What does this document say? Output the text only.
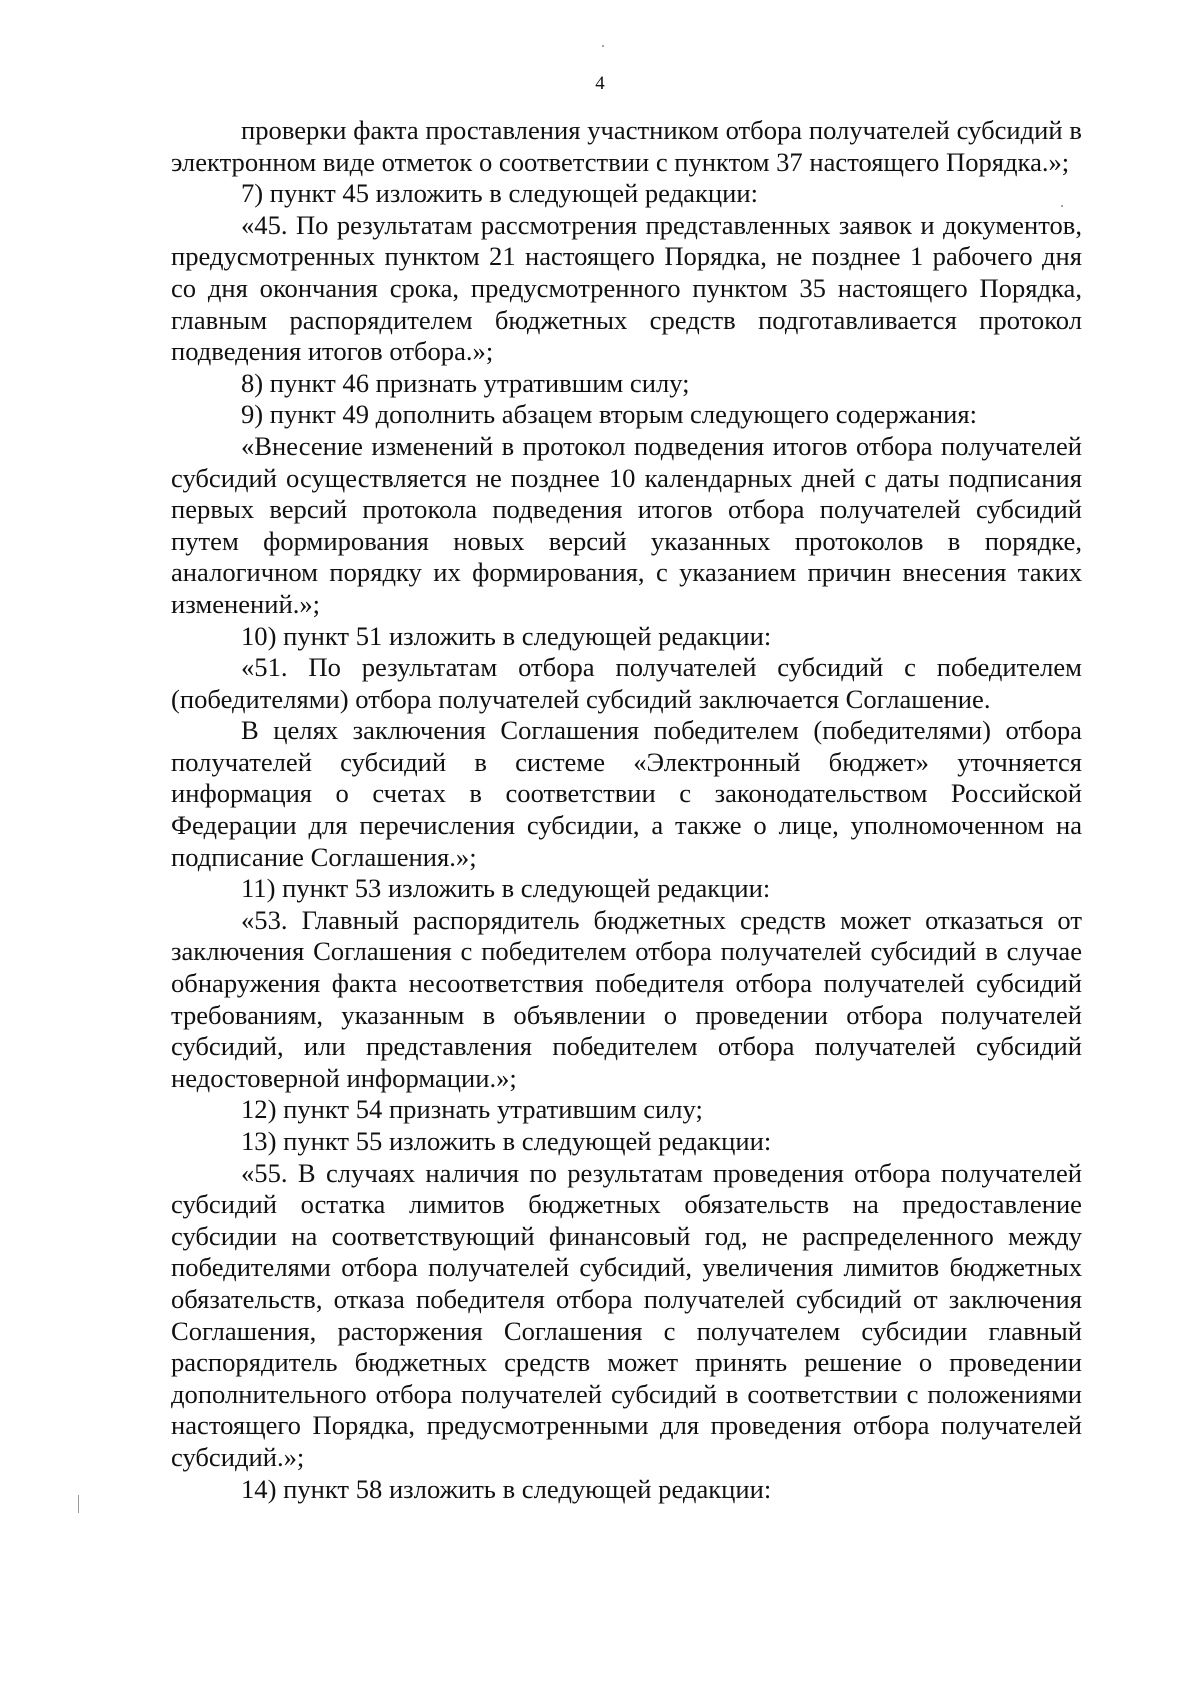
4

проверки факта проставления участником отбора получателей субсидий в электронном виде отметок о соответствии с пунктом 37 настоящего Порядка.»;

7) пункт 45 изложить в следующей редакции:

«45. По результатам рассмотрения представленных заявок и документов, предусмотренных пунктом 21 настоящего Порядка, не позднее 1 рабочего дня со дня окончания срока, предусмотренного пунктом 35 настоящего Порядка, главным распорядителем бюджетных средств подготавливается протокол подведения итогов отбора.»;

8) пункт 46 признать утратившим силу;

9) пункт 49 дополнить абзацем вторым следующего содержания:

«Внесение изменений в протокол подведения итогов отбора получателей субсидий осуществляется не позднее 10 календарных дней с даты подписания первых версий протокола подведения итогов отбора получателей субсидий путем формирования новых версий указанных протоколов в порядке, аналогичном порядку их формирования, с указанием причин внесения таких изменений.»;

10) пункт 51 изложить в следующей редакции:

«51. По результатам отбора получателей субсидий с победителем (победителями) отбора получателей субсидий заключается Соглашение.

В целях заключения Соглашения победителем (победителями) отбора получателей субсидий в системе «Электронный бюджет» уточняется информация о счетах в соответствии с законодательством Российской Федерации для перечисления субсидии, а также о лице, уполномоченном на подписание Соглашения.»;

11) пункт 53 изложить в следующей редакции:

«53. Главный распорядитель бюджетных средств может отказаться от заключения Соглашения с победителем отбора получателей субсидий в случае обнаружения факта несоответствия победителя отбора получателей субсидий требованиям, указанным в объявлении о проведении отбора получателей субсидий, или представления победителем отбора получателей субсидий недостоверной информации.»;

12) пункт 54 признать утратившим силу;

13) пункт 55 изложить в следующей редакции:

«55. В случаях наличия по результатам проведения отбора получателей субсидий остатка лимитов бюджетных обязательств на предоставление субсидии на соответствующий финансовый год, не распределенного между победителями отбора получателей субсидий, увеличения лимитов бюджетных обязательств, отказа победителя отбора получателей субсидий от заключения Соглашения, расторжения Соглашения с получателем субсидии главный распорядитель бюджетных средств может принять решение о проведении дополнительного отбора получателей субсидий в соответствии с положениями настоящего Порядка, предусмотренными для проведения отбора получателей субсидий.»;

14) пункт 58 изложить в следующей редакции:
